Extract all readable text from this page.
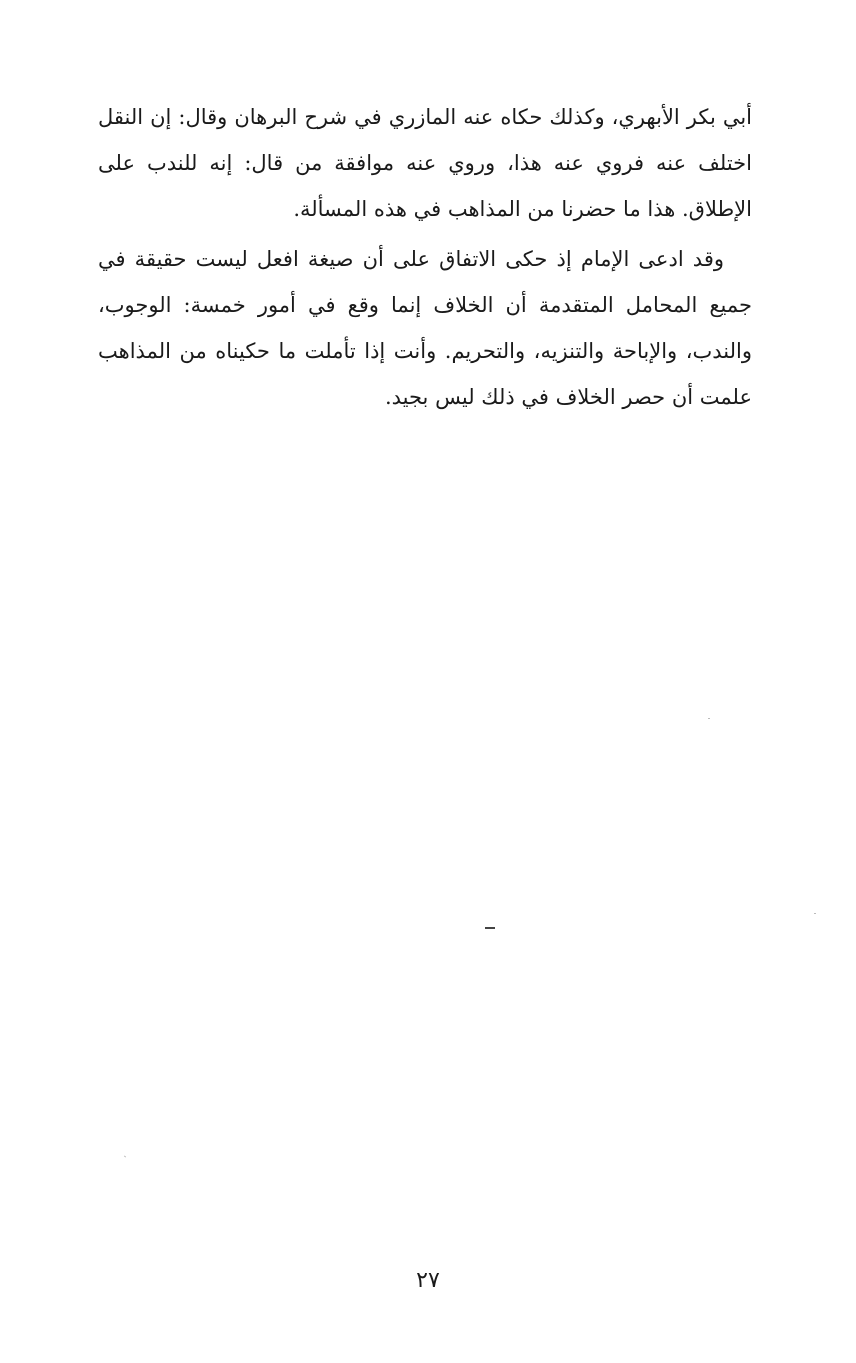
أبي بكر الأبهري، وكذلك حكاه عنه المازري في شرح البرهان وقال: إن النقل اختلف عنه فروي عنه هذا، وروي عنه موافقة من قال: إنه للندب على الإطلاق. هذا ما حضرنا من المذاهب في هذه المسألة.

وقد ادعى الإمام إذ حكى الاتفاق على أن صيغة افعل ليست حقيقة في جميع المحامل المتقدمة أن الخلاف إنما وقع في أمور خمسة: الوجوب، والندب، والإباحة والتنزيه، والتحريم. وأنت إذا تأملت ما حكيناه من المذاهب علمت أن حصر الخلاف في ذلك ليس بجيد.

٢٧
